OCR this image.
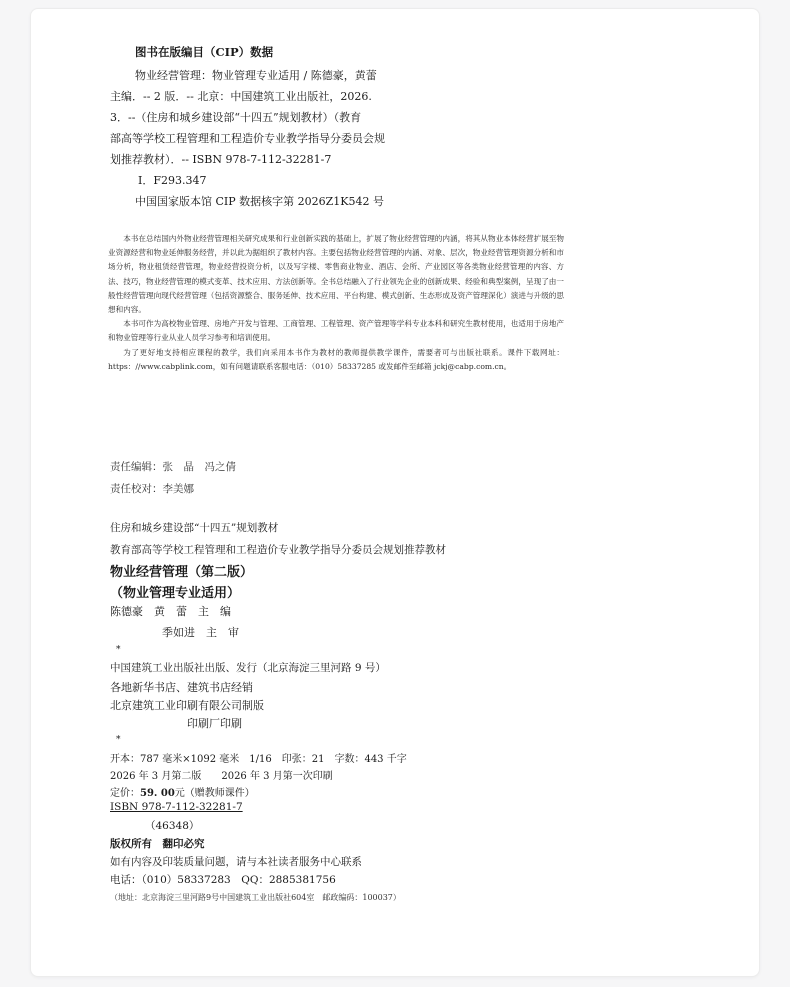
图书在版编目（CIP）数据
物业经营管理：物业管理专业适用 / 陈德豪，黄蕾
主编．-- 2 版．-- 北京：中国建筑工业出版社，2026.
3．--（住房和城乡建设部“十四五”规划教材）（教育
部高等学校工程管理和工程造价专业教学指导分委员会规
划推荐教材）．-- ISBN 978-7-112-32281-7
Ⅰ．F293.347
中国国家版本馆 CIP 数据核字第 2026Z1K542 号

本书在总结国内外物业经营管理相关研究成果和行业创新实践的基础上，扩展了物业经营管理的内涵，将其从物业本体经营扩展至物业资源经营和物业延伸服务经营，并以此为据组织了教材内容。主要包括物业经营管理的内涵、对象、层次，物业经营管理资源分析和市场分析，物业租赁经营管理，物业经营投资分析，以及写字楼、零售商业物业、酒店、会所、产业园区等各类物业经营管理的内容、方法、技巧，物业经营管理的模式变革、技术应用、方法创新等。全书总结融入了行业领先企业的创新成果、经验和典型案例，呈现了由一般性经营管理向现代经营管理（包括资源整合、服务延伸、技术应用、平台构建、模式创新、生态形成及资产管理深化）演进与升级的思想和内容。

本书可作为高校物业管理、房地产开发与管理、工商管理、工程管理、资产管理等学科专业本科和研究生教材使用，也适用于房地产和物业管理等行业从业人员学习参考和培训使用。

为了更好地支持相应课程的教学，我们向采用本书作为教材的教师提供教学课件，需要者可与出版社联系。课件下载网址：https：//www.cabplink.com，如有问题请联系客服电话：（010）58337285 或发邮件至邮箱 jckj@cabp.com.cn。

责任编辑：张　晶　冯之倩
责任校对：李美娜
住房和城乡建设部“十四五”规划教材
教育部高等学校工程管理和工程造价专业教学指导分委员会规划推荐教材
物业经营管理（第二版）
（物业管理专业适用）
陈德豪　黄　蕾　主　编
季如进　主　审
*
中国建筑工业出版社出版、发行（北京海淀三里河路 9 号）
各地新华书店、建筑书店经销
北京建筑工业印刷有限公司制版
印刷厂印刷
*
开本：787 毫米×1092 毫米　1/16　印张：21　字数：443 千字
2026 年 3 月第二版　　2026 年 3 月第一次印刷
定价：59. 00元（赠教师课件）
ISBN 978-7-112-32281-7
（46348）
版权所有　翻印必究
如有内容及印装质量问题，请与本社读者服务中心联系
电话：（010）58337283　QQ：2885381756
（地址：北京海淀三里河路9号中国建筑工业出版社604室　邮政编码：100037）
